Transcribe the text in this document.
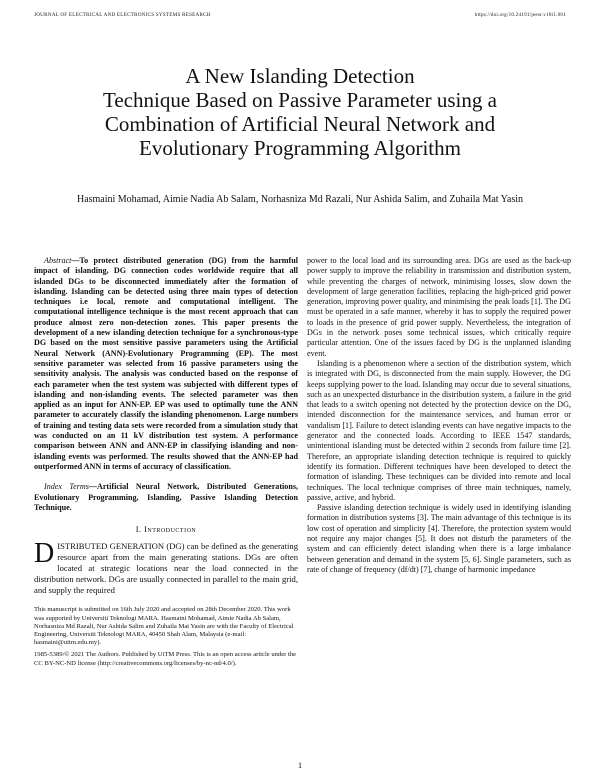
JOURNAL OF ELECTRICAL AND ELECTRONICS SYSTEMS RESEARCH	https://doi.org/10.24191/jeesr.v18i1.001
A New Islanding Detection
Technique Based on Passive Parameter using a
Combination of Artificial Neural Network and
Evolutionary Programming Algorithm
Hasmaini Mohamad, Aimie Nadia Ab Salam, Norhasniza Md Razali, Nur Ashida Salim, and Zuhaila Mat Yasin

Abstract—To protect distributed generation (DG) from the harmful impact of islanding, DG connection codes worldwide require that all islanded DGs to be disconnected immediately after the formation of islanding. Islanding can be detected using three main types of detection techniques i.e local, remote and computational intelligent. The computational intelligence technique is the most recent approach that can produce almost zero non-detection zones. This paper presents the development of a new islanding detection technique for a synchronous-type DG based on the most sensitive passive parameters using the Artificial Neural Network (ANN)-Evolutionary Programming (EP). The most sensitive parameter was selected from 16 passive parameters using the sensitivity analysis. The analysis was conducted based on the response of each parameter when the test system was subjected with different types of islanding and non-islanding events. The selected parameter was then applied as an input for ANN-EP. EP was used to optimally tune the ANN parameter to accurately classify the islanding phenomenon. Large numbers of training and testing data sets were recorded from a simulation study that was conducted on an 11 kV distribution test system. A performance comparison between ANN and ANN-EP in classifying islanding and non-islanding events was performed. The results showed that the ANN-EP had outperformed ANN in terms of accuracy of classification.

Index Terms—Artificial Neural Network, Distributed Generations, Evolutionary Programming, Islanding, Passive Islanding Detection Technique.

I. Introduction

DISTRIBUTED GENERATION (DG) can be defined as the generating resource apart from the main generating stations. DGs are often located at strategic locations near the load connected in the distribution network. DGs are usually connected in parallel to the main grid, and supply the required

This manuscript is submitted on 16th July 2020 and accepted on 28th December 2020. This work was supported by Universiti Teknologi MARA. Hasmaini Mohamad, Aimie Nadia Ab Salam, Norhasniza Md Razali, Nur Ashida Salim and Zuhaila Mat Yasin are with the Faculty of Electrical Engineering, Universiti Teknologi MARA, 40450 Shah Alam, Malaysia (e-mail: hasmaini@uitm.edu.my).

1985-5389/© 2021 The Authors. Published by UiTM Press. This is an open access article under the CC BY-NC-ND license (http://creativecommons.org/licenses/by-nc-nd/4.0/).

power to the local load and its surrounding area. DGs are used as the back-up power supply to improve the reliability in transmission and distribution system, while preventing the charges of network, minimising losses, slow down the development of large generation facilities, replacing the high-priced grid power generation, improving power quality, and minimising the peak loads [1]. The DG must be operated in a safe manner, whereby it has to supply the required power to loads in the presence of grid power supply. Nevertheless, the integration of DGs in the network poses some technical issues, which critically require particular attention. One of the issues faced by DG is the unplanned islanding event.

Islanding is a phenomenon where a section of the distribution system, which is integrated with DG, is disconnected from the main supply. However, the DG keeps supplying power to the load. Islanding may occur due to several situations, such as an unexpected disturbance in the distribution system, a failure in the grid that leads to a switch opening not detected by the protection device on the DG, intended disconnection for the maintenance services, and human error or vandalism [1]. Failure to detect islanding events can have negative impacts to the generator and the connected loads. According to IEEE 1547 standards, unintentional islanding must be detected within 2 seconds from failure time [2]. Therefore, an appropriate islanding detection technique is required to quickly identify its formation. Different techniques have been developed to detect the formation of islanding. These techniques can be divided into remote and local techniques. The local technique comprises of three main techniques, namely, passive, active, and hybrid.

Passive islanding detection technique is widely used in identifying islanding formation in distribution systems [3]. The main advantage of this technique is its low cost of operation and simplicity [4]. Therefore, the protection system would not require any major changes [5]. It does not disturb the parameters of the system and can efficiently detect islanding when there is a large imbalance between generation and demand in the system [5, 6]. Single parameters, such as rate of change of frequency (df/dt) [7], change of harmonic impedance

1
